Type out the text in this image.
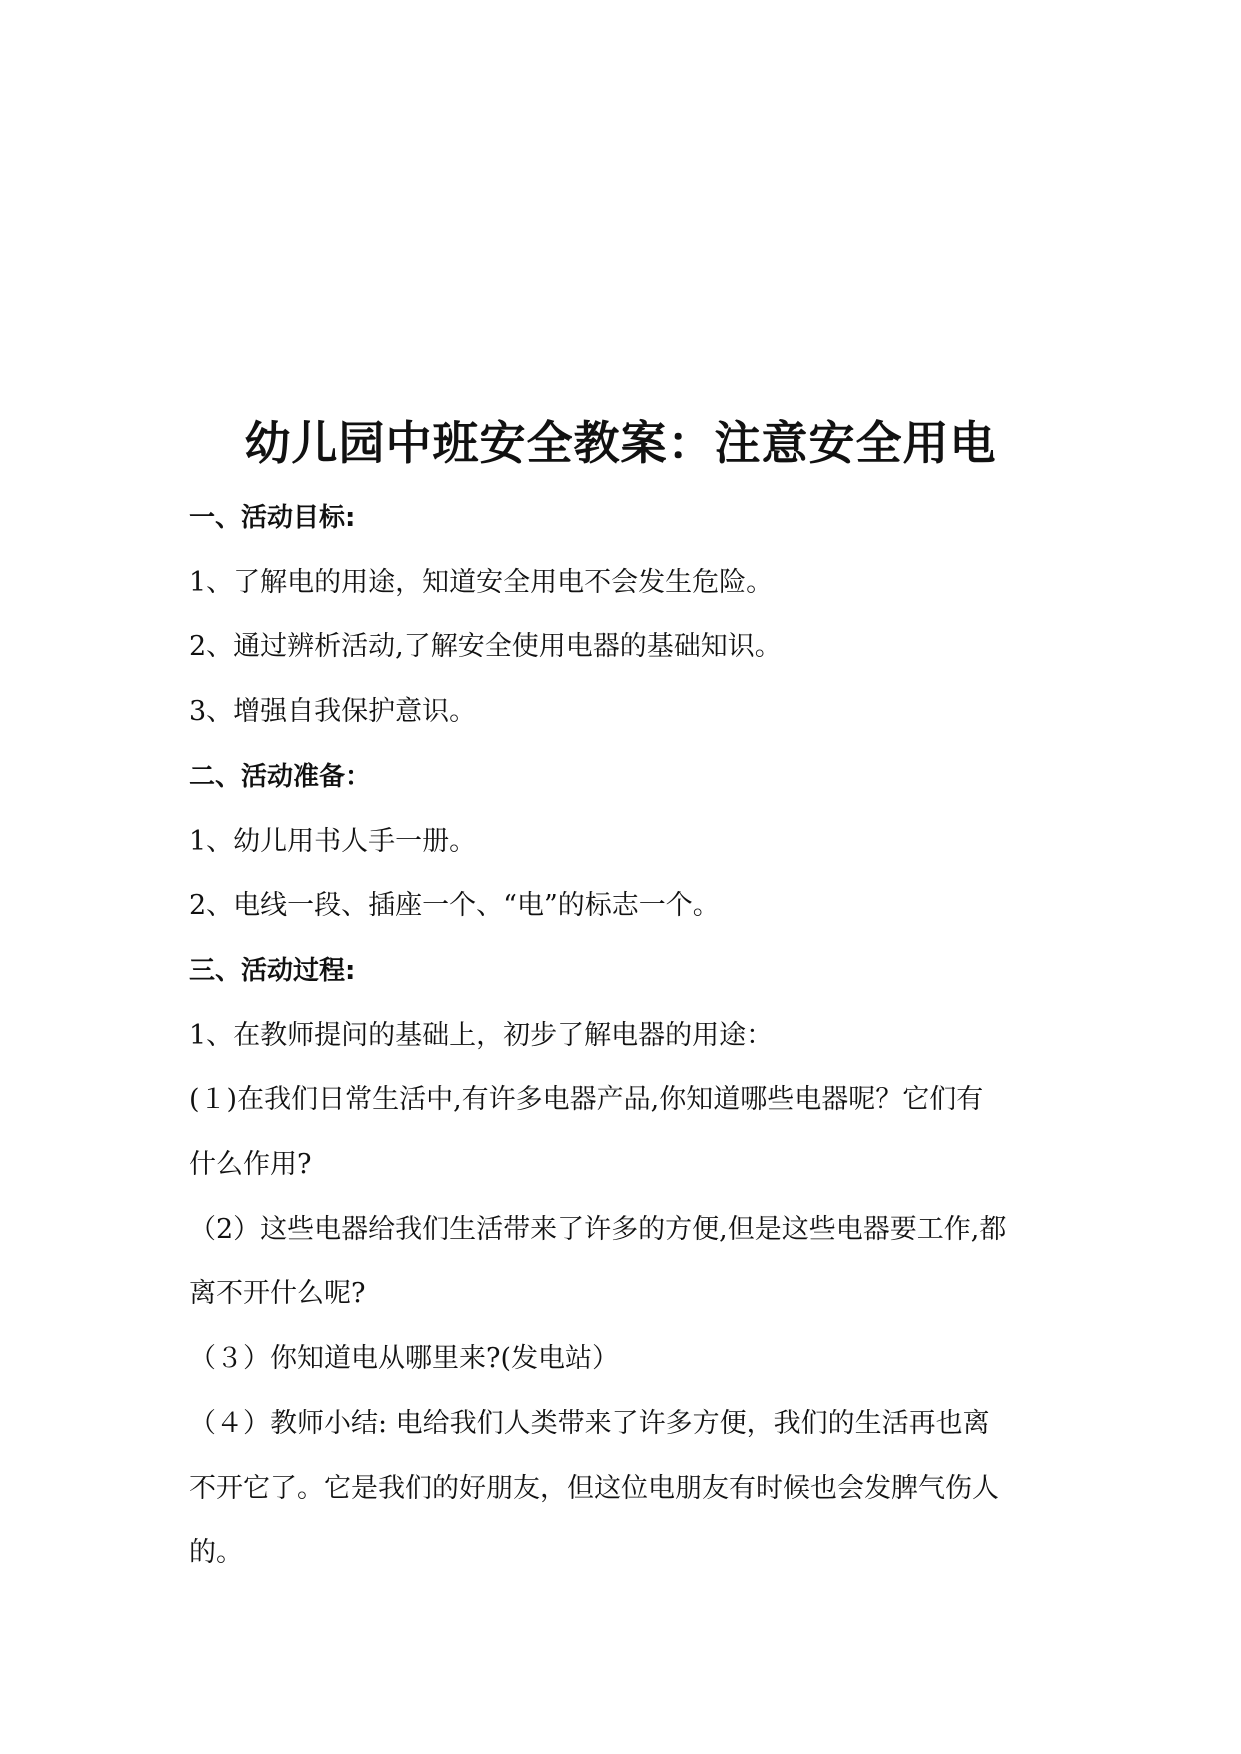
幼儿园中班安全教案：注意安全用电

一、活动目标:

1、了解电的用途，知道安全用电不会发生危险。

2、通过辨析活动,了解安全使用电器的基础知识。

3、增强自我保护意识。

二、活动准备：

1、幼儿用书人手一册。

2、电线一段、插座一个、“电”的标志一个。

三、活动过程:

1、在教师提问的基础上，初步了解电器的用途：

(１)在我们日常生活中,有许多电器产品,你知道哪些电器呢？它们有

什么作用?

（2）这些电器给我们生活带来了许多的方便,但是这些电器要工作,都

离不开什么呢?

（３）你知道电从哪里来?(发电站）

（４）教师小结: 电给我们人类带来了许多方便，我们的生活再也离

不开它了。它是我们的好朋友，但这位电朋友有时候也会发脾气伤人

的。
